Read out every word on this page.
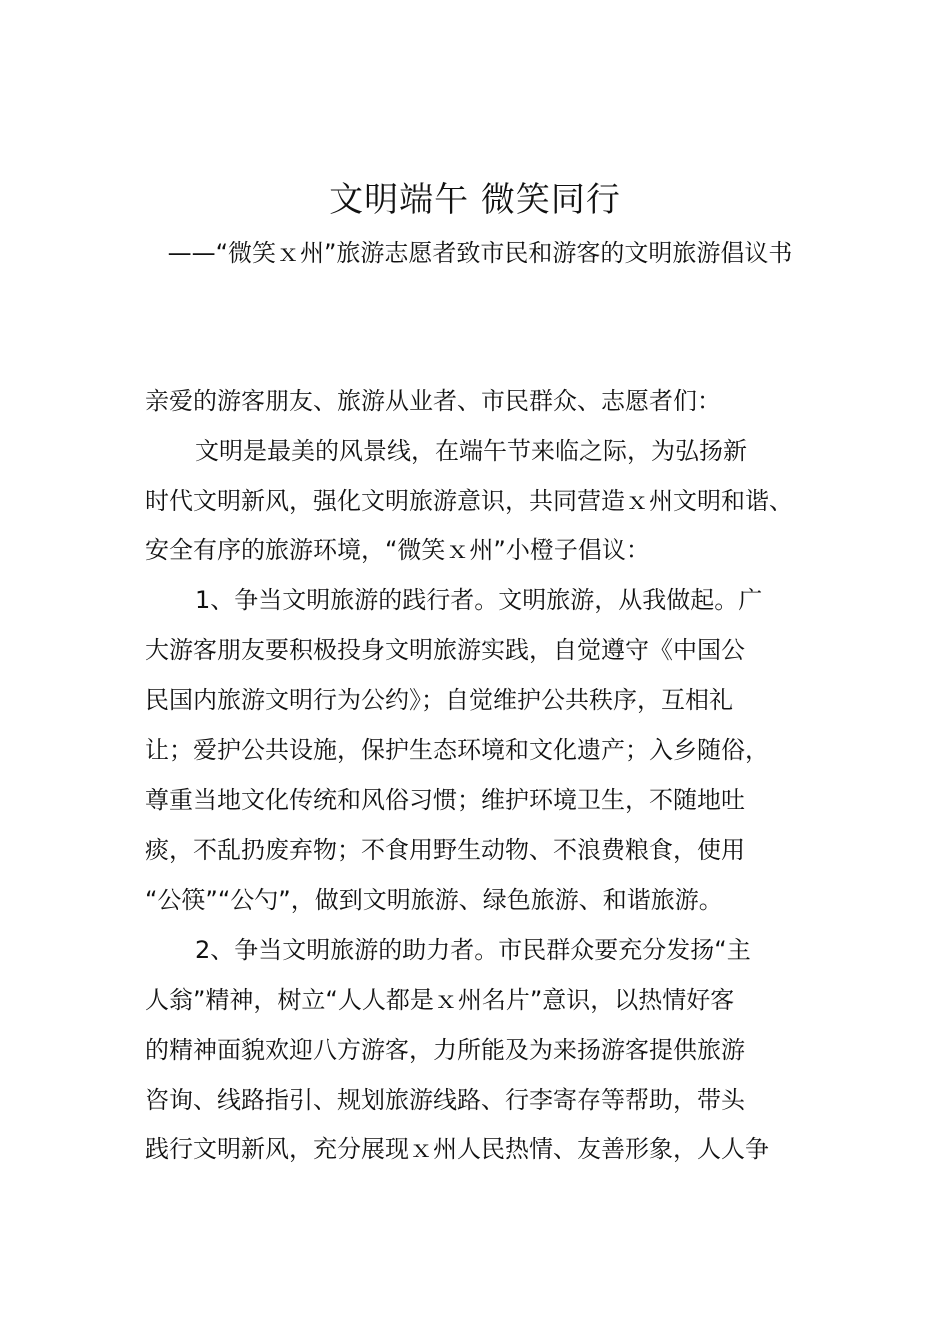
文明端午 微笑同行
——“微笑ｘ州”旅游志愿者致市民和游客的文明旅游倡议书
亲爱的游客朋友、旅游从业者、市民群众、志愿者们：
文明是最美的风景线，在端午节来临之际，为弘扬新
时代文明新风，强化文明旅游意识，共同营造ｘ州文明和谐、
安全有序的旅游环境，“微笑ｘ州”小橙子倡议：
1、争当文明旅游的践行者。文明旅游，从我做起。广
大游客朋友要积极投身文明旅游实践，自觉遵守《中国公
民国内旅游文明行为公约》；自觉维护公共秩序，互相礼
让；爱护公共设施，保护生态环境和文化遗产；入乡随俗，
尊重当地文化传统和风俗习惯；维护环境卫生，不随地吐
痰，不乱扔废弃物；不食用野生动物、不浪费粮食，使用
“公筷”“公勺”，做到文明旅游、绿色旅游、和谐旅游。
2、争当文明旅游的助力者。市民群众要充分发扬“主
人翁”精神，树立“人人都是ｘ州名片”意识，以热情好客
的精神面貌欢迎八方游客，力所能及为来扬游客提供旅游
咨询、线路指引、规划旅游线路、行李寄存等帮助，带头
践行文明新风，充分展现ｘ州人民热情、友善形象，人人争
